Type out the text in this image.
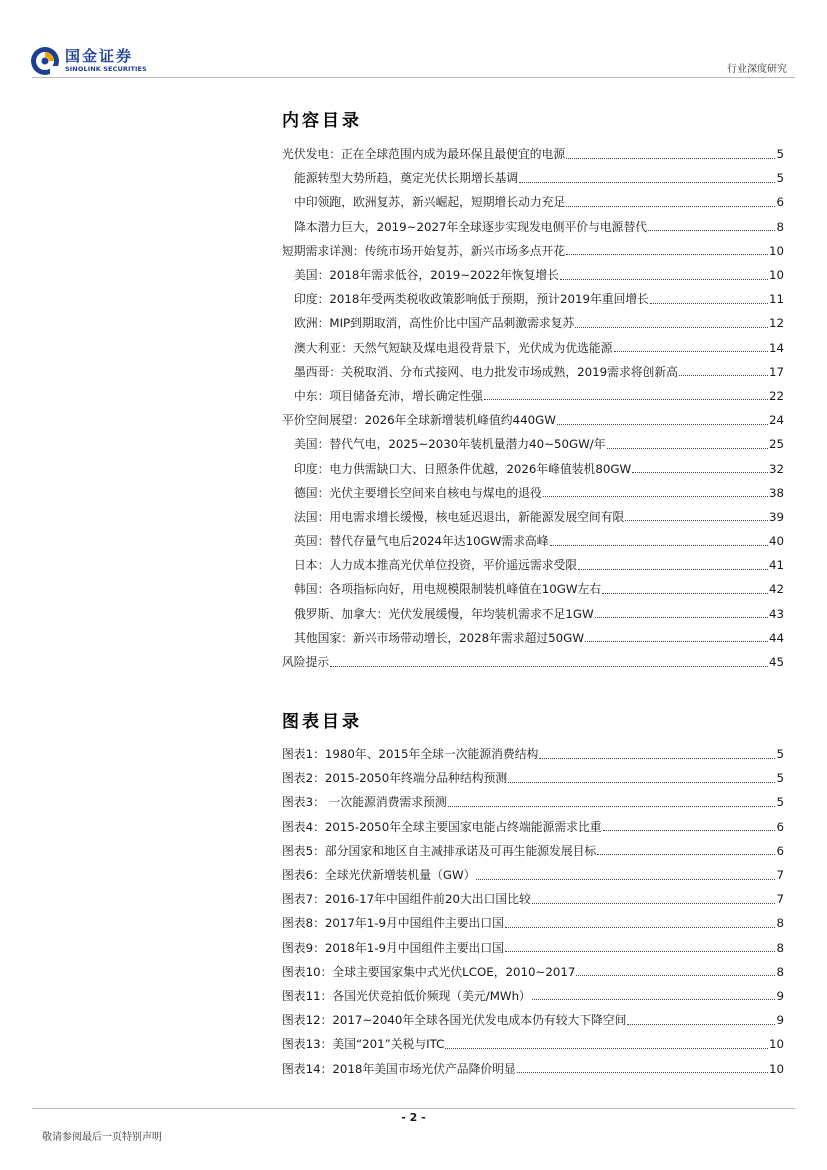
国金证券
SINOLINK SECURITIES	行业深度研究
内容目录
光伏发电：正在全球范围内成为最环保且最便宜的电源	5
能源转型大势所趋，奠定光伏长期增长基调	5
中印领跑，欧洲复苏，新兴崛起，短期增长动力充足	6
降本潜力巨大，2019~2027年全球逐步实现发电侧平价与电源替代	8
短期需求详测：传统市场开始复苏，新兴市场多点开花	10
美国：2018年需求低谷，2019~2022年恢复增长	10
印度：2018年受两类税收政策影响低于预期，预计2019年重回增长	11
欧洲：MIP到期取消，高性价比中国产品刺激需求复苏	12
澳大利亚：天然气短缺及煤电退役背景下，光伏成为优选能源	14
墨西哥：关税取消、分布式接网、电力批发市场成熟，2019需求将创新高	17
中东：项目储备充沛，增长确定性强	22
平价空间展望：2026年全球新增装机峰值约440GW	24
美国：替代气电，2025~2030年装机量潜力40~50GW/年	25
印度：电力供需缺口大、日照条件优越，2026年峰值装机80GW	32
德国：光伏主要增长空间来自核电与煤电的退役	38
法国：用电需求增长缓慢，核电延迟退出，新能源发展空间有限	39
英国：替代存量气电后2024年达10GW需求高峰	40
日本：人力成本推高光伏单位投资，平价遥远需求受限	41
韩国：各项指标向好，用电规模限制装机峰值在10GW左右	42
俄罗斯、加拿大：光伏发展缓慢，年均装机需求不足1GW	43
其他国家：新兴市场带动增长，2028年需求超过50GW	44
风险提示	45
图表目录
图表1：1980年、2015年全球一次能源消费结构	5
图表2：2015-2050年终端分品种结构预测	5
图表3： 一次能源消费需求预测	5
图表4：2015-2050年全球主要国家电能占终端能源需求比重	6
图表5：部分国家和地区自主减排承诺及可再生能源发展目标	6
图表6：全球光伏新增装机量（GW）	7
图表7：2016-17年中国组件前20大出口国比较	7
图表8：2017年1-9月中国组件主要出口国	8
图表9：2018年1-9月中国组件主要出口国	8
图表10：全球主要国家集中式光伏LCOE，2010~2017	8
图表11：各国光伏竞拍低价频现（美元/MWh）	9
图表12：2017~2040年全球各国光伏发电成本仍有较大下降空间	9
图表13：美国“201”关税与ITC	10
图表14：2018年美国市场光伏产品降价明显	10
- 2 -
敬请参阅最后一页特别声明
